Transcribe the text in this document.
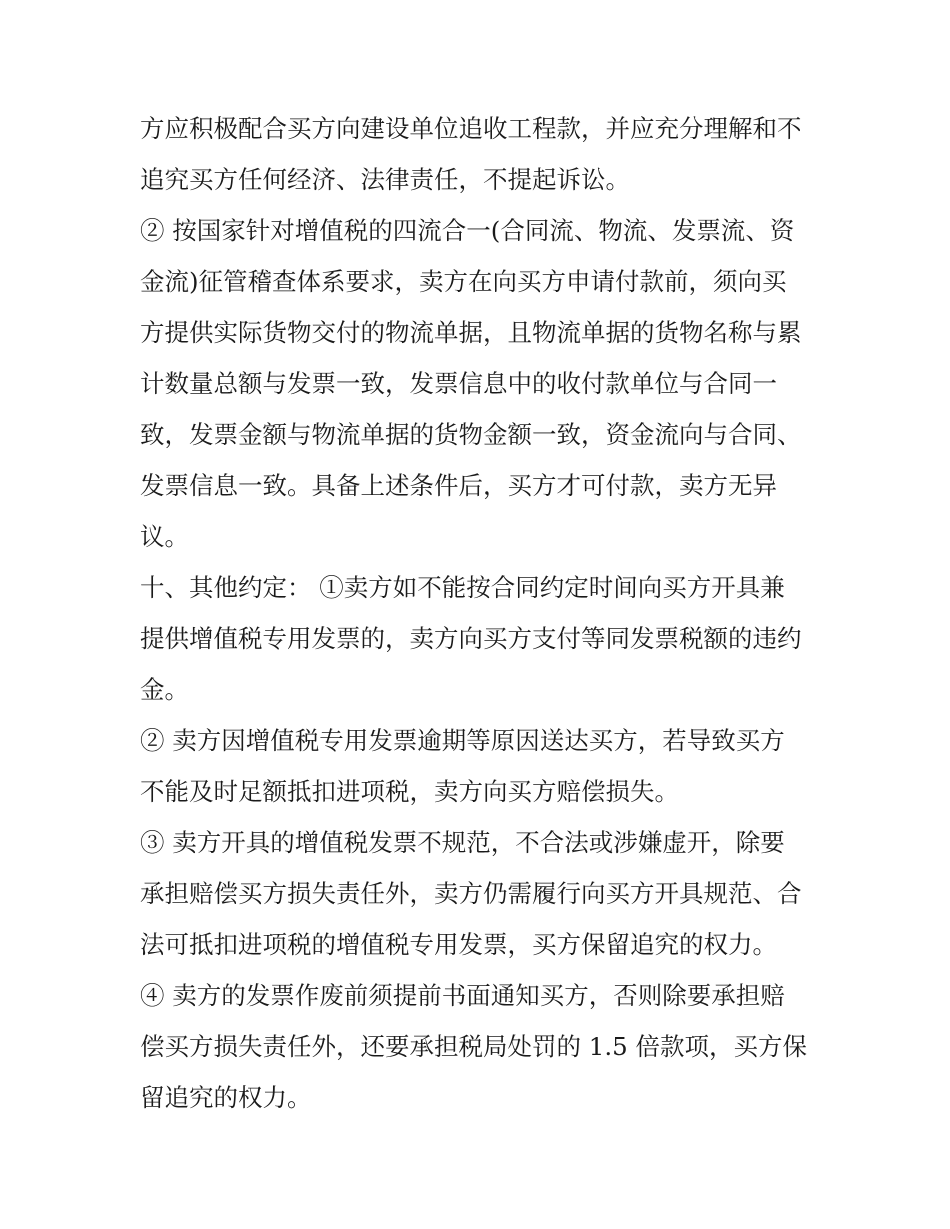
方应积极配合买方向建设单位追收工程款，并应充分理解和不
追究买方任何经济、法律责任，不提起诉讼。
② 按国家针对增值税的四流合一(合同流、物流、发票流、资
金流)征管稽查体系要求，卖方在向买方申请付款前，须向买
方提供实际货物交付的物流单据，且物流单据的货物名称与累
计数量总额与发票一致，发票信息中的收付款单位与合同一
致，发票金额与物流单据的货物金额一致，资金流向与合同、
发票信息一致。具备上述条件后，买方才可付款，卖方无异
议。
十、其他约定： ①卖方如不能按合同约定时间向买方开具兼
提供增值税专用发票的，卖方向买方支付等同发票税额的违约
金。
② 卖方因增值税专用发票逾期等原因送达买方，若导致买方
不能及时足额抵扣进项税，卖方向买方赔偿损失。
③ 卖方开具的增值税发票不规范，不合法或涉嫌虚开，除要
承担赔偿买方损失责任外，卖方仍需履行向买方开具规范、合
法可抵扣进项税的增值税专用发票，买方保留追究的权力。
④ 卖方的发票作废前须提前书面通知买方，否则除要承担赔
偿买方损失责任外，还要承担税局处罚的 1.5 倍款项，买方保
留追究的权力。
